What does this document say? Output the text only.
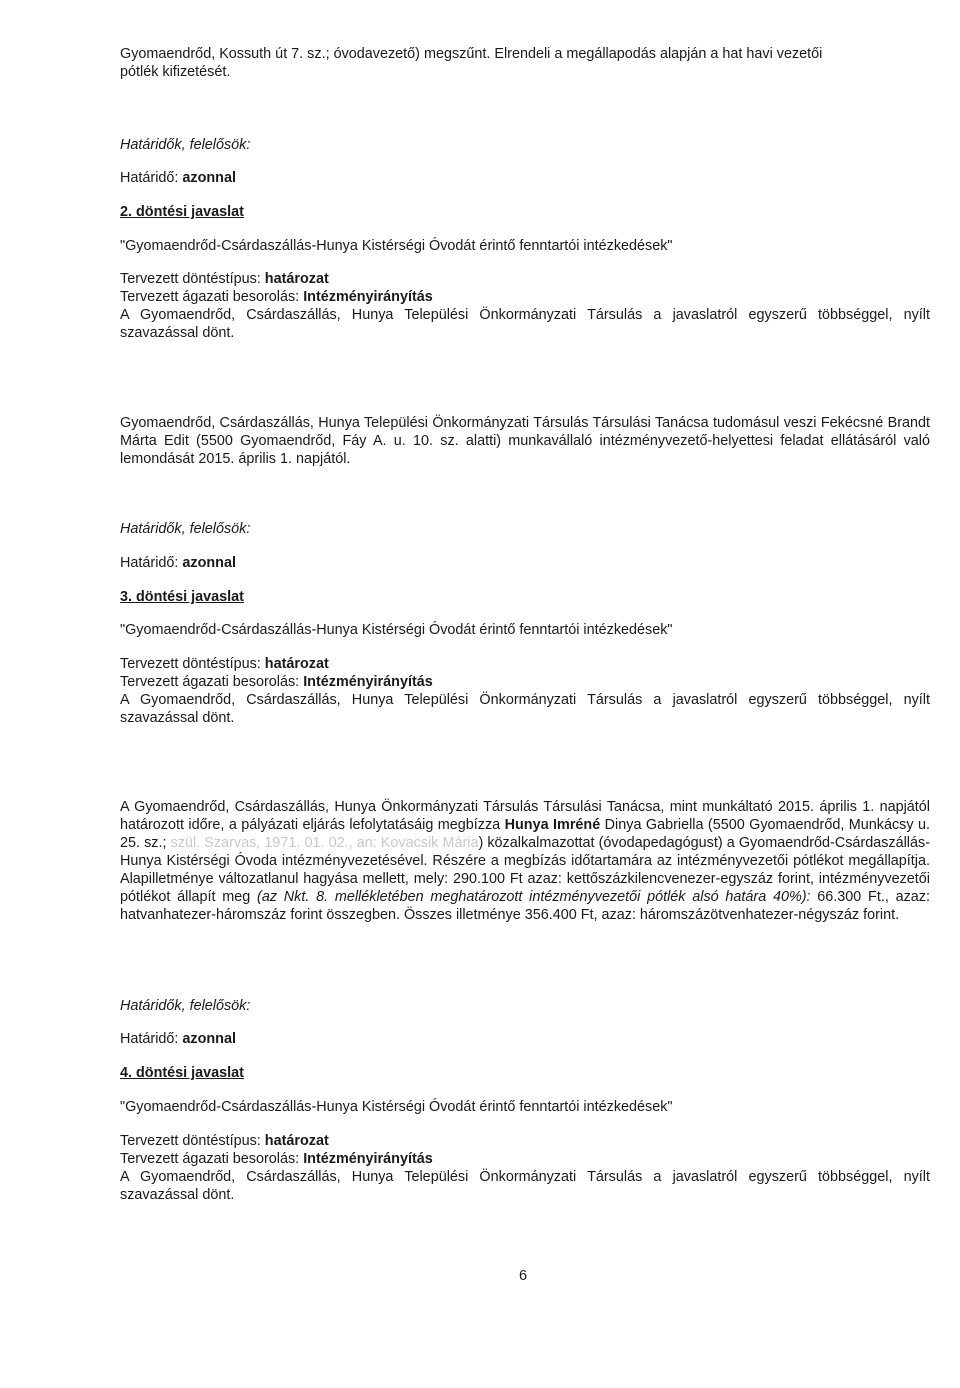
Gyomaendrőd, Kossuth út 7. sz.; óvodavezető) megszűnt. Elrendeli a megállapodás alapján a hat havi vezetői
pótlék kifizetését.
Határidők, felelősök:
Határidő: azonnal
2. döntési javaslat
"Gyomaendrőd-Csárdaszállás-Hunya Kistérségi Óvodát érintő fenntartói intézkedések"
Tervezett döntéstípus: határozat
Tervezett ágazati besorolás: Intézményirányítás
A Gyomaendrőd, Csárdaszállás, Hunya Települési Önkormányzati Társulás a javaslatról egyszerű többséggel, nyílt szavazással dönt.
Gyomaendrőd, Csárdaszállás, Hunya Települési Önkormányzati Társulás Társulási Tanácsa tudomásul veszi Fekécsné Brandt Márta Edit (5500 Gyomaendrőd, Fáy A. u. 10. sz. alatti) munkavállaló intézményvezető-helyettesi feladat ellátásáról való lemondását 2015. április 1. napjától.
Határidők, felelősök:
Határidő: azonnal
3. döntési javaslat
"Gyomaendrőd-Csárdaszállás-Hunya Kistérségi Óvodát érintő fenntartói intézkedések"
Tervezett döntéstípus: határozat
Tervezett ágazati besorolás: Intézményirányítás
A Gyomaendrőd, Csárdaszállás, Hunya Települési Önkormányzati Társulás a javaslatról egyszerű többséggel, nyílt szavazással dönt.
A Gyomaendrőd, Csárdaszállás, Hunya Önkormányzati Társulás Társulási Tanácsa, mint munkáltató 2015. április 1. napjától határozott időre, a pályázati eljárás lefolytatásáig megbízza Hunya Imréné Dinya Gabriella (5500 Gyomaendrőd, Munkácsy u. 25. sz.; szül. Szarvas, 1971. 01. 02., an: Kovacsik Mária) közalkalmazottat (óvodapedagógust) a Gyomaendrőd-Csárdaszállás-Hunya Kistérségi Óvoda intézményvezetésével. Részére a megbízás időtartamára az intézményvezetői pótlékot megállapítja. Alapilletménye változatlanul hagyása mellett, mely: 290.100 Ft azaz: kettőszázkilencvenezer-egyszáz forint, intézményvezetői pótlékot állapít meg (az Nkt. 8. mellékletében meghatározott intézményvezetői pótlék alsó határa 40%): 66.300 Ft., azaz: hatvanhatezer-háromszáz forint összegben. Összes illetménye 356.400 Ft, azaz: háromszázötvenhatezer-négyszáz forint.
Határidők, felelősök:
Határidő: azonnal
4. döntési javaslat
"Gyomaendrőd-Csárdaszállás-Hunya Kistérségi Óvodát érintő fenntartói intézkedések"
Tervezett döntéstípus: határozat
Tervezett ágazati besorolás: Intézményirányítás
A Gyomaendrőd, Csárdaszállás, Hunya Települési Önkormányzati Társulás a javaslatról egyszerű többséggel, nyílt szavazással dönt.
6
